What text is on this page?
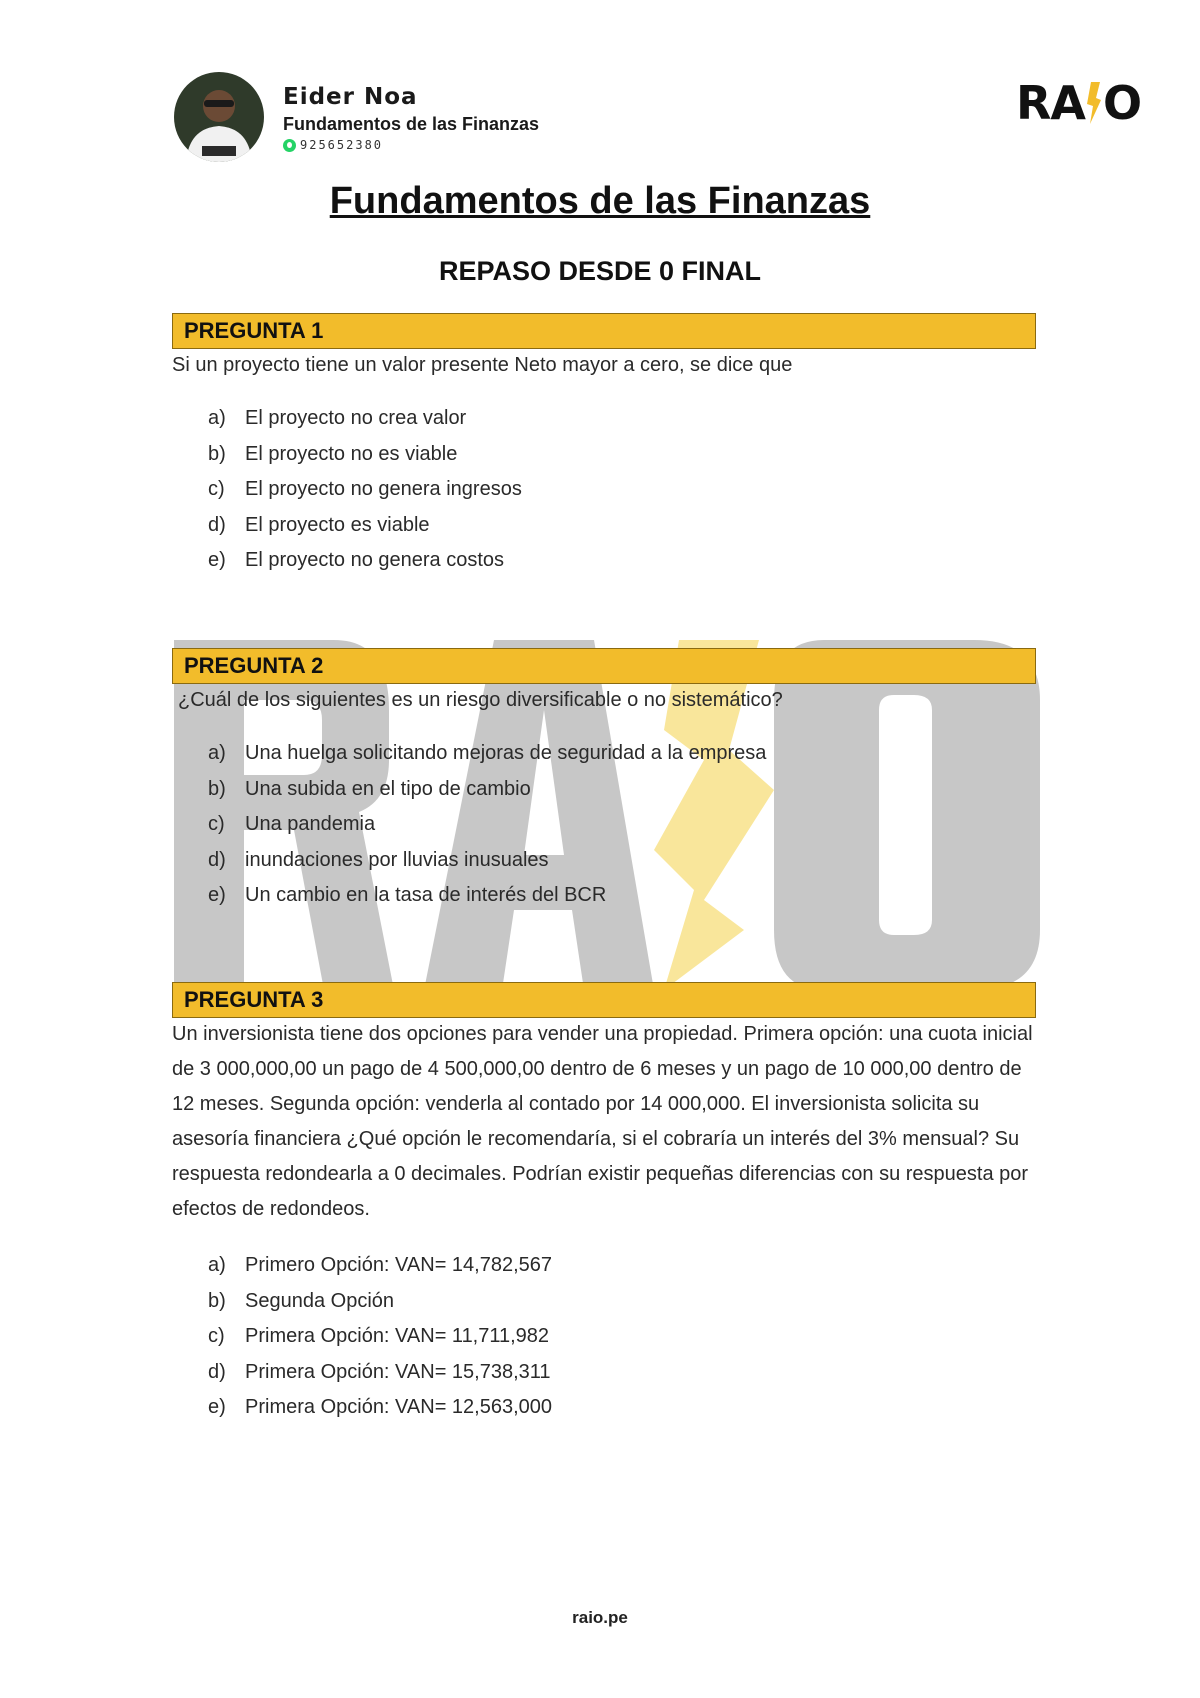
Eider Noa
Fundamentos de las Finanzas
925652380
RA O
Fundamentos de las Finanzas
REPASO DESDE 0 FINAL
PREGUNTA 1
Si un proyecto tiene un valor presente Neto mayor a cero, se dice que
a) El proyecto no crea valor
b) El proyecto no es viable
c)	El proyecto no genera ingresos
d) El proyecto es viable
e) El proyecto no genera costos
PREGUNTA 2
¿Cuál de los siguientes es un riesgo diversificable o no sistemático?
a) Una huelga solicitando mejoras de seguridad a la empresa
b) Una subida en el tipo de cambio
c)	Una pandemia
d) inundaciones por lluvias inusuales
e) Un cambio en la tasa de interés del BCR
PREGUNTA 3
Un inversionista tiene dos opciones para vender una propiedad. Primera opción: una cuota inicial de 3 000,000,00 un pago de 4 500,000,00 dentro de 6 meses y un pago de 10 000,00 dentro de 12 meses. Segunda opción: venderla al contado por 14 000,000. El inversionista solicita su asesoría financiera ¿Qué opción le recomendaría, si el cobraría un interés del 3% mensual? Su respuesta redondearla a 0 decimales. Podrían existir pequeñas diferencias con su respuesta por efectos de redondeos.
a) Primero Opción: VAN= 14,782,567
b) Segunda Opción
c)	Primera Opción: VAN= 11,711,982
d) Primera Opción: VAN= 15,738,311
e) Primera Opción: VAN= 12,563,000
raio.pe
